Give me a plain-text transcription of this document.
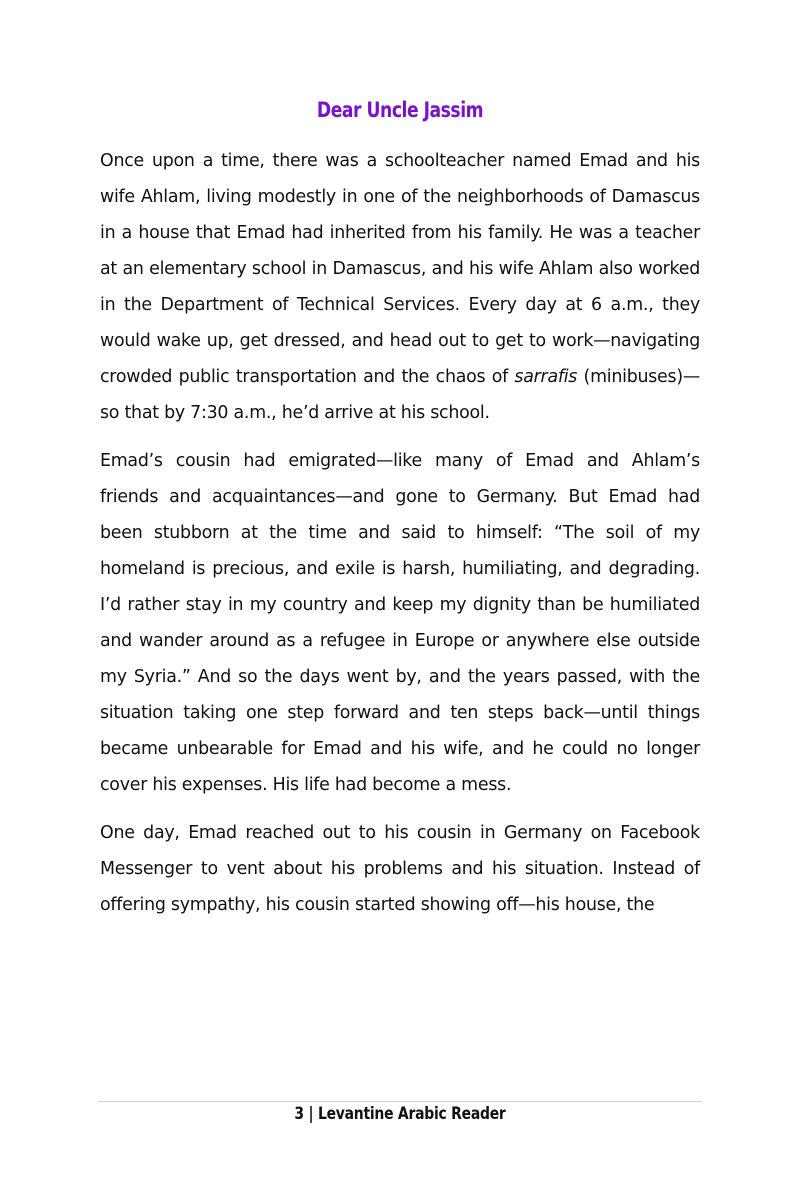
Dear Uncle Jassim

Once upon a time, there was a schoolteacher named Emad and his wife Ahlam, living modestly in one of the neighborhoods of Damascus in a house that Emad had inherited from his family. He was a teacher at an elementary school in Damascus, and his wife Ahlam also worked in the Department of Technical Services. Every day at 6 a.m., they would wake up, get dressed, and head out to get to work—navigating crowded public transportation and the chaos of sarrafis (minibuses)—so that by 7:30 a.m., he’d arrive at his school.

Emad’s cousin had emigrated—like many of Emad and Ahlam’s friends and acquaintances—and gone to Germany. But Emad had been stubborn at the time and said to himself: “The soil of my homeland is precious, and exile is harsh, humiliating, and degrading. I’d rather stay in my country and keep my dignity than be humiliated and wander around as a refugee in Europe or anywhere else outside my Syria.” And so the days went by, and the years passed, with the situation taking one step forward and ten steps back—until things became unbearable for Emad and his wife, and he could no longer cover his expenses. His life had become a mess.

One day, Emad reached out to his cousin in Germany on Facebook Messenger to vent about his problems and his situation. Instead of offering sympathy, his cousin started showing off—his house, the

3 | Levantine Arabic Reader
